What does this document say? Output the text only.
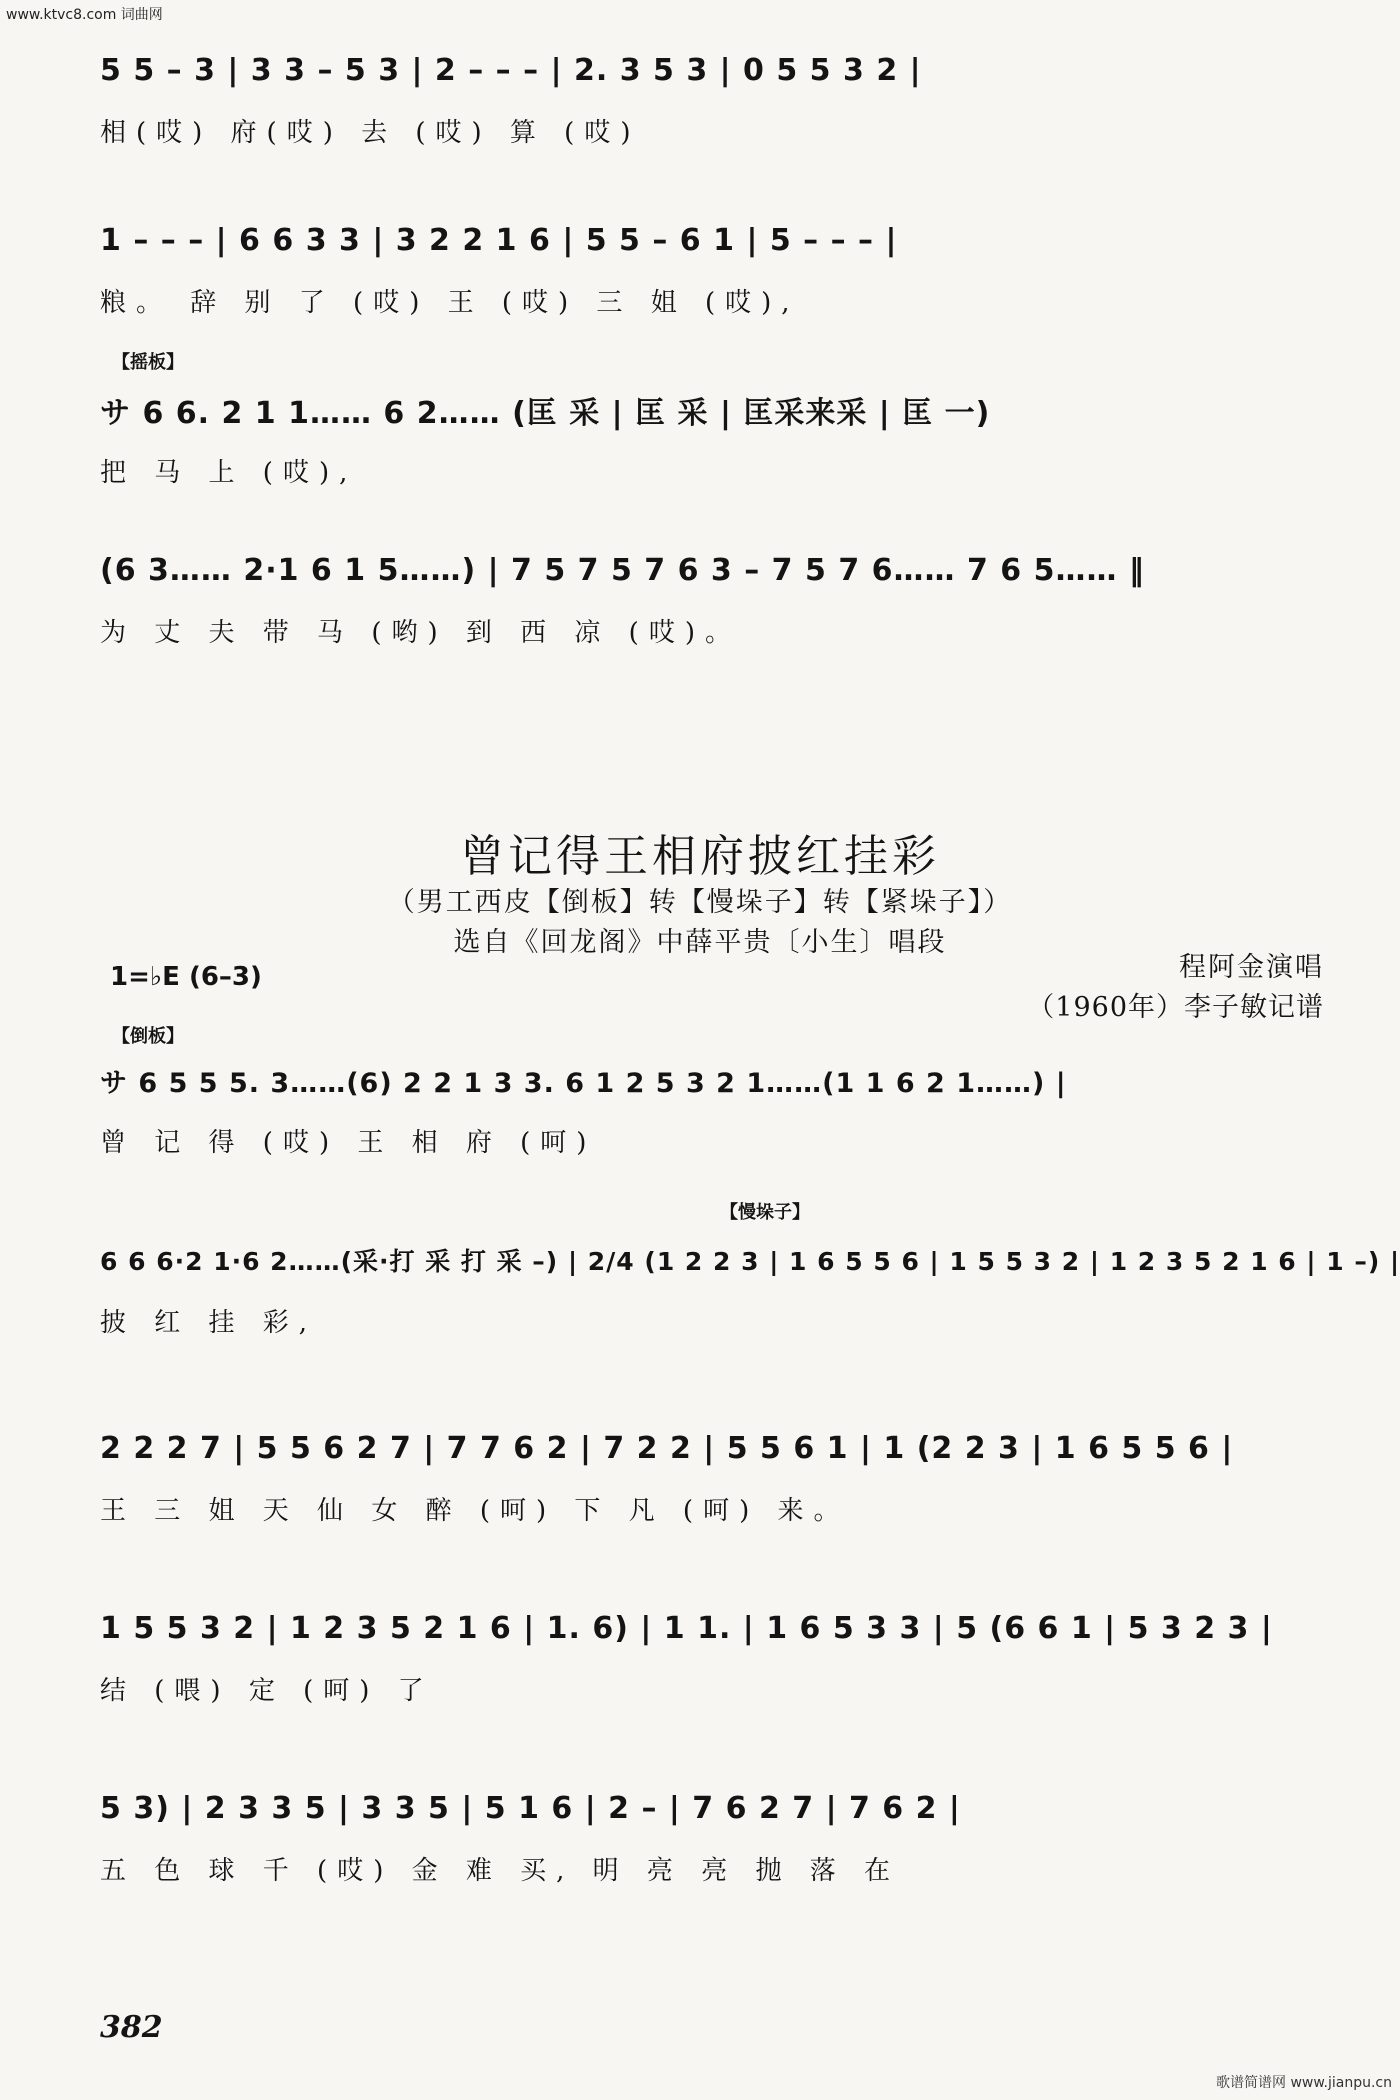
www.ktvc8.com 词曲网
5 5 – 3 | 3 3 – 5 3 | 2 – – – | 2. 3 5 3 | 0 5 5 3 2 |
相(哎) 府(哎) 去 (哎) 算 (哎)
1 – – – | 6 6 3 3 | 3 2 2 1 6 | 5 5 – 6 1 | 5 – – – |
粮。 辞 别 了 (哎) 王 (哎) 三 姐 (哎),
【摇板】
サ 6 6. 2 1 1…… 6 2…… (匡 采 | 匡 采 | 匡采来采 | 匡 一)
把 马 上 (哎),
(6 3…… 2·1 6 1 5……) | 7 5 7 5 7 6 3 – 7 5 7 6…… 7 6 5…… ‖
为 丈 夫 带 马 (哟) 到 西 凉 (哎)。
曾记得王相府披红挂彩
（男工西皮【倒板】转【慢垛子】转【紧垛子】）
选自《回龙阁》中薛平贵〔小生〕唱段
程阿金演唱
（1960年）李子敏记谱
1=♭E (6–3)
【倒板】
サ 6 5 5 5. 3……(6) 2 2 1 3 3. 6 1 2 5 3 2 1……(1 1 6 2 1……) |
曾 记 得 (哎) 王 相 府 (呵)
【慢垛子】
6 6 6·2 1·6 2……(采·打 采 打 采 –) | 2/4 (1 2 2 3 | 1 6 5 5 6 | 1 5 5 3 2 | 1 2 3 5 2 1 6 | 1 –) |
披 红 挂 彩,
2 2 2 7 | 5 5 6 2 7 | 7 7 6 2 | 7 2 2 | 5 5 6 1 | 1 (2 2 3 | 1 6 5 5 6 |
王 三 姐 天 仙 女 醉 (呵) 下 凡 (呵) 来。
1 5 5 3 2 | 1 2 3 5 2 1 6 | 1. 6) | 1 1. | 1 6 5 3 3 | 5 (6 6 1 | 5 3 2 3 |
结 (喂) 定 (呵) 了
5 3) | 2 3 3 5 | 3 3 5 | 5 1 6 | 2 – | 7 6 2 7 | 7 6 2 |
五 色 球 千 (哎) 金 难 买, 明 亮 亮 抛 落 在
382
歌谱简谱网 www.jianpu.cn
